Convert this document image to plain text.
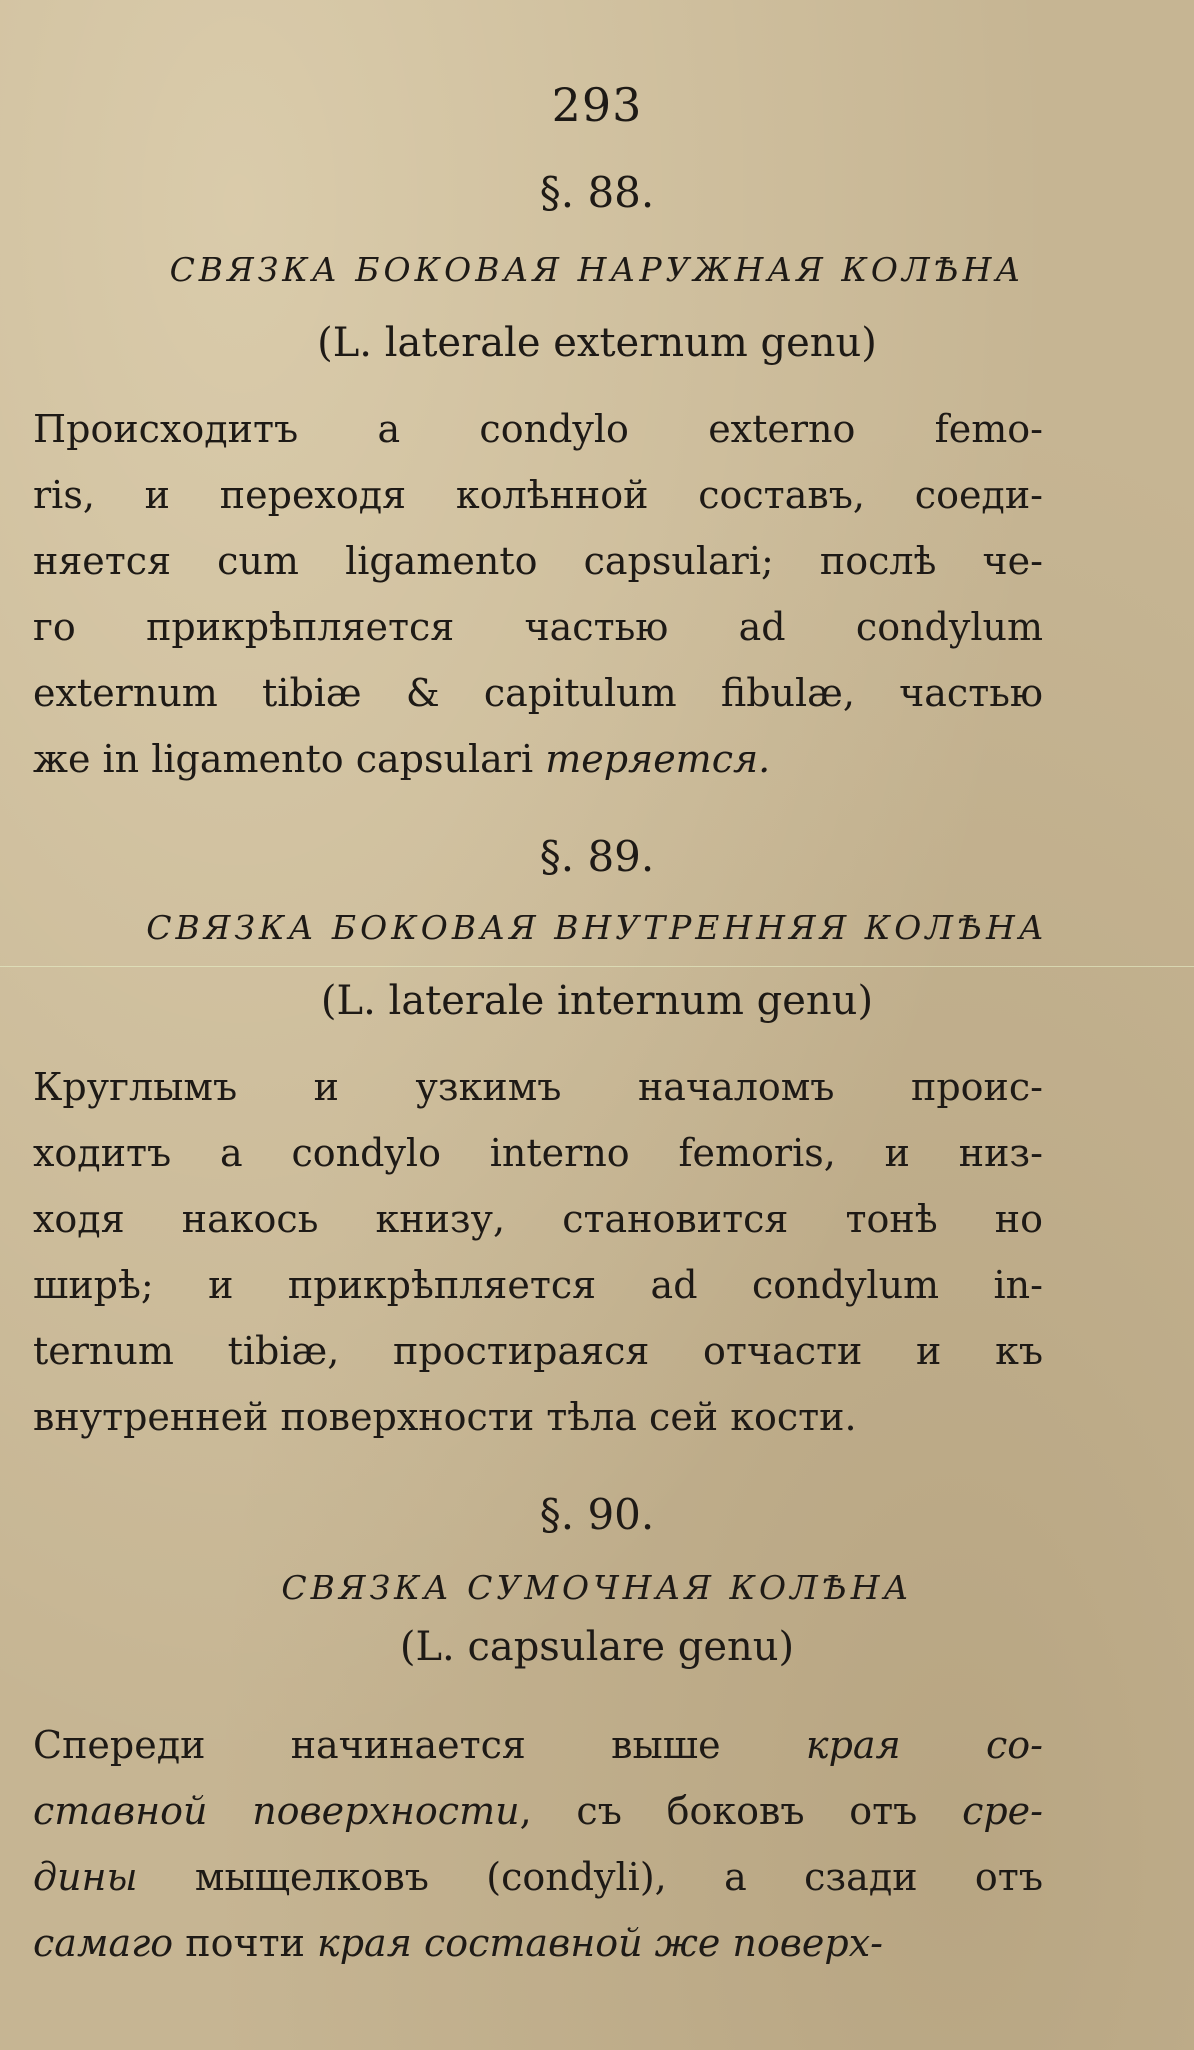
293
§. 88.
СВЯЗКА БОКОВАЯ НАРУЖНАЯ КОЛѢНА
(L. laterale externum genu)
Происходитъ a condylo externo femo-
ris, и переходя колѣнной составъ, соеди-
няется cum ligamento capsulari; послѣ че-
го прикрѣпляется частью ad condylum
externum tibiæ & capitulum fibulæ, частью
же in ligamento capsulari теряется.
§. 89.
СВЯЗКА БОКОВАЯ ВНУТРЕННЯЯ КОЛѢНА
(L. laterale internum genu)
Круглымъ и узкимъ началомъ проис-
ходитъ a condylo interno femoris, и низ-
ходя накось книзу, становится тонѣ но
ширѣ; и прикрѣпляется ad condylum in-
ternum tibiæ, простираяся отчасти и къ
внутренней поверхности тѣла сей кости.
§. 90.
СВЯЗКА СУМОЧНАЯ КОЛѢНА
(L. capsulare genu)
Спереди начинается выше края со-
ставной поверхности, съ боковъ отъ сре-
дины мыщелковъ (condyli), а сзади отъ
самаго почти края составной же поверх-
